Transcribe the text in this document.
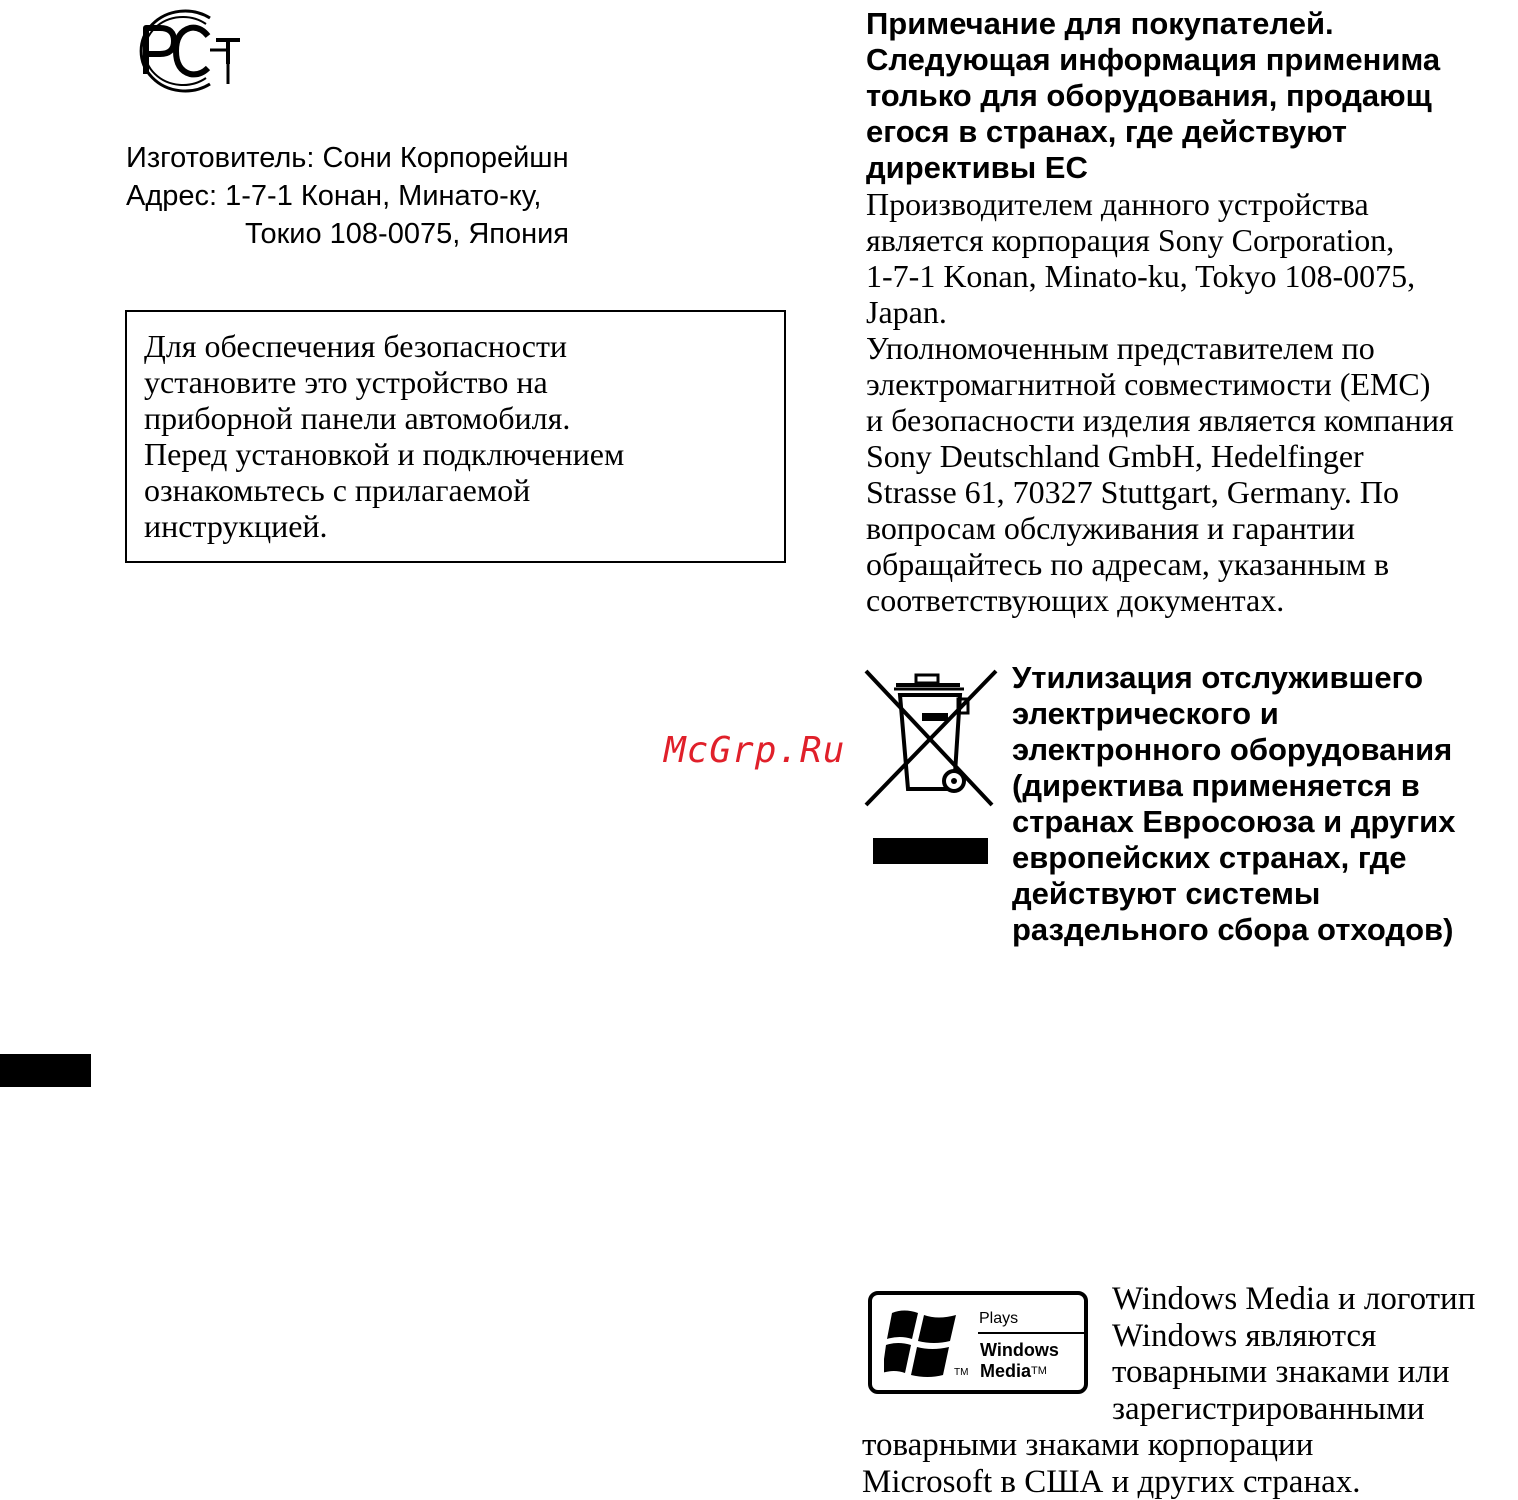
Изготовитель: Сони Корпорейшн
Адрес: 1-7-1 Конан, Минато-ку,
Токио 108-0075, Япония
Для обеспечения безопасности
установите это устройство на
приборной панели автомобиля.
Перед установкой и подключением
ознакомьтесь с прилагаемой
инструкцией.
Примечание для покупателей.
Следующая информация применима
только для оборудования, продающ
егося в странах, где действуют
директивы ЕС
Производителем данного устройства
является корпорация Sony Corporation,
1-7-1 Konan, Minato-ku, Tokyo 108-0075,
Japan.
Уполномоченным представителем по
электромагнитной совместимости (EMC)
и безопасности изделия является компания
Sony Deutschland GmbH, Hedelfinger
Strasse 61, 70327 Stuttgart, Germany. По
вопросам обслуживания и гарантии
обращайтесь по адресам, указанным в
соответствующих документах.
Утилизация отслужившего
электрического и
электронного оборудования
(директива применяется в
странах Евросоюза и других
европейских странах, где
действуют системы
раздельного сбора отходов)
McGrp.Ru
TM
Plays
Windows
Media™
Windows Media и логотип
Windows являются
товарными знаками или
зарегистрированными
товарными знаками корпорации
Microsoft в США и других странах.
